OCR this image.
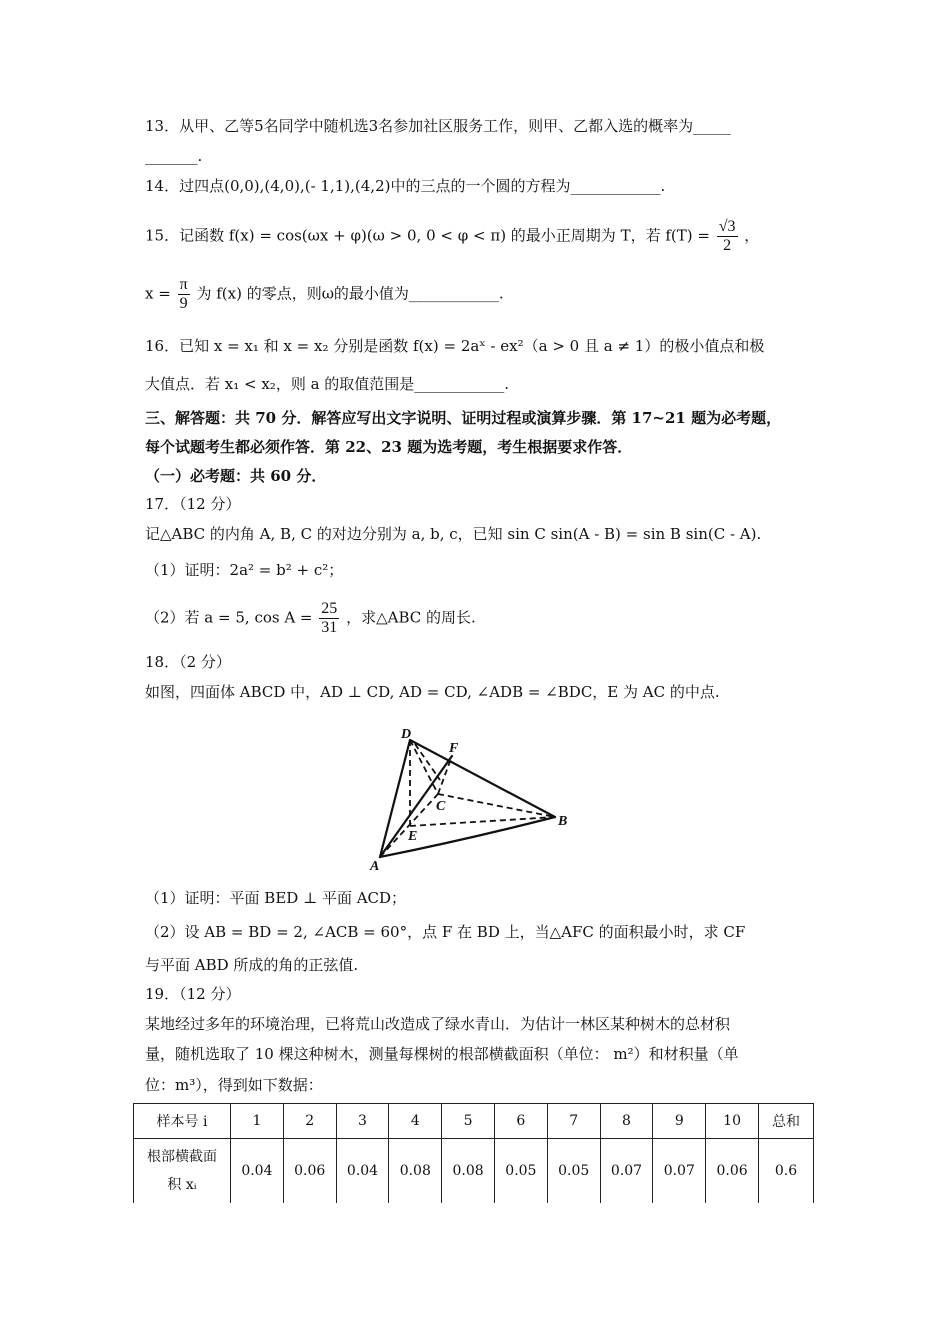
13．从甲、乙等5名同学中随机选3名参加社区服务工作，则甲、乙都入选的概率为_____
_______.
14．过四点(0,0),(4,0),(- 1,1),(4,2)中的三点的一个圆的方程为____________.
15．记函数 f(x) = cos(ωx + φ)(ω > 0, 0 < φ < π) 的最小正周期为 T，若 $f(T) = \frac{√3}{2}$ ，
$x = \frac{\pi}{9}$ 为 f(x) 的零点，则ω的最小值为____________.
16．已知 x = x₁ 和 x = x₂ 分别是函数 f(x) = 2aˣ - ex²（a > 0 且 a ≠ 1）的极小值点和极
大值点．若 x₁ < x₂，则 a 的取值范围是____________.
三、解答题：共 70 分．解答应写出文字说明、证明过程或演算步骤．第 17~21 题为必考题，
每个试题考生都必须作答．第 22、23 题为选考题，考生根据要求作答．
（一）必考题：共 60 分．
17．（12 分）
记△ABC 的内角 A, B, C 的对边分别为 a, b, c，已知 sin C sin(A - B) = sin B sin(C - A).
（1）证明：2a² = b² + c²；
（2）若 a = 5, $\cos A = \frac{25}{31}$ ，求△ABC 的周长.
18．（2 分）
如图，四面体 ABCD 中，AD ⊥ CD, AD = CD, ∠ADB = ∠BDC，E 为 AC 的中点.
D
F
C
B
E
A
（1）证明：平面 BED ⊥ 平面 ACD；
（2）设 AB = BD = 2, ∠ACB = 60°，点 F 在 BD 上，当△AFC 的面积最小时，求 CF
与平面 ABD 所成的角的正弦值.
19．（12 分）
某地经过多年的环境治理，已将荒山改造成了绿水青山．为估计一林区某种树木的总材积
量，随机选取了 10 棵这种树木，测量每棵树的根部横截面积（单位： m²）和材积量（单
位：m³），得到如下数据：
样本号 i	1	2	3	4	5	6	7	8	9	10	总和

根部横截面
积 xᵢ	0.04	0.06	0.04	0.08	0.08	0.05	0.05	0.07	0.07	0.06	0.6
